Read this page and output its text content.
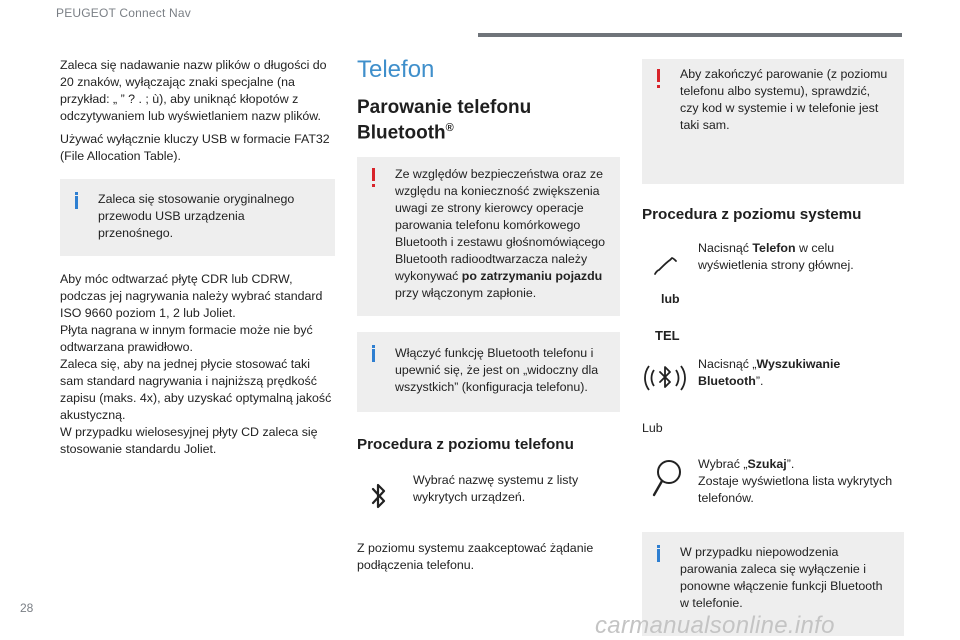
PEUGEOT Connect Nav

Zaleca się nadawanie nazw plików o długości do 20 znaków, wyłączając znaki specjalne (na przykład: „ ” ? . ; ù), aby uniknąć kłopotów z odczytywaniem lub wyświetlaniem nazw plików.

Używać wyłącznie kluczy USB w formacie FAT32 (File Allocation Table).

Zaleca się stosowanie oryginalnego przewodu USB urządzenia przenośnego.

Aby móc odtwarzać płytę CDR lub CDRW, podczas jej nagrywania należy wybrać standard ISO 9660 poziom 1, 2 lub Joliet.

Płyta nagrana w innym formacie może nie być odtwarzana prawidłowo.

Zaleca się, aby na jednej płycie stosować taki sam standard nagrywania i najniższą prędkość zapisu (maks. 4x), aby uzyskać optymalną jakość akustyczną.

W przypadku wielosesyjnej płyty CD zaleca się stosowanie standardu Joliet.

Telefon
Parowanie telefonu Bluetooth®
Ze względów bezpieczeństwa oraz ze względu na konieczność zwiększenia uwagi ze strony kierowcy operacje parowania telefonu komórkowego Bluetooth i zestawu głośnomówiącego Bluetooth radioodtwarzacza należy wykonywać po zatrzymaniu pojazdu przy włączonym zapłonie.
Włączyć funkcję Bluetooth telefonu i upewnić się, że jest on „widoczny dla wszystkich” (konfiguracja telefonu).
Procedura z poziomu telefonu
Wybrać nazwę systemu z listy wykrytych urządzeń.

Z poziomu systemu zaakceptować żądanie podłączenia telefonu.

Aby zakończyć parowanie (z poziomu telefonu albo systemu), sprawdzić, czy kod w systemie i w telefonie jest taki sam.
Procedura z poziomu systemu
Nacisnąć Telefon w celu wyświetlenia strony głównej.
lub
TEL
Nacisnąć „Wyszukiwanie Bluetooth”.
Lub
Wybrać „Szukaj”.
Zostaje wyświetlona lista wykrytych telefonów.
W przypadku niepowodzenia parowania zaleca się wyłączenie i ponowne włączenie funkcji Bluetooth w telefonie.
28
carmanualsonline.info
